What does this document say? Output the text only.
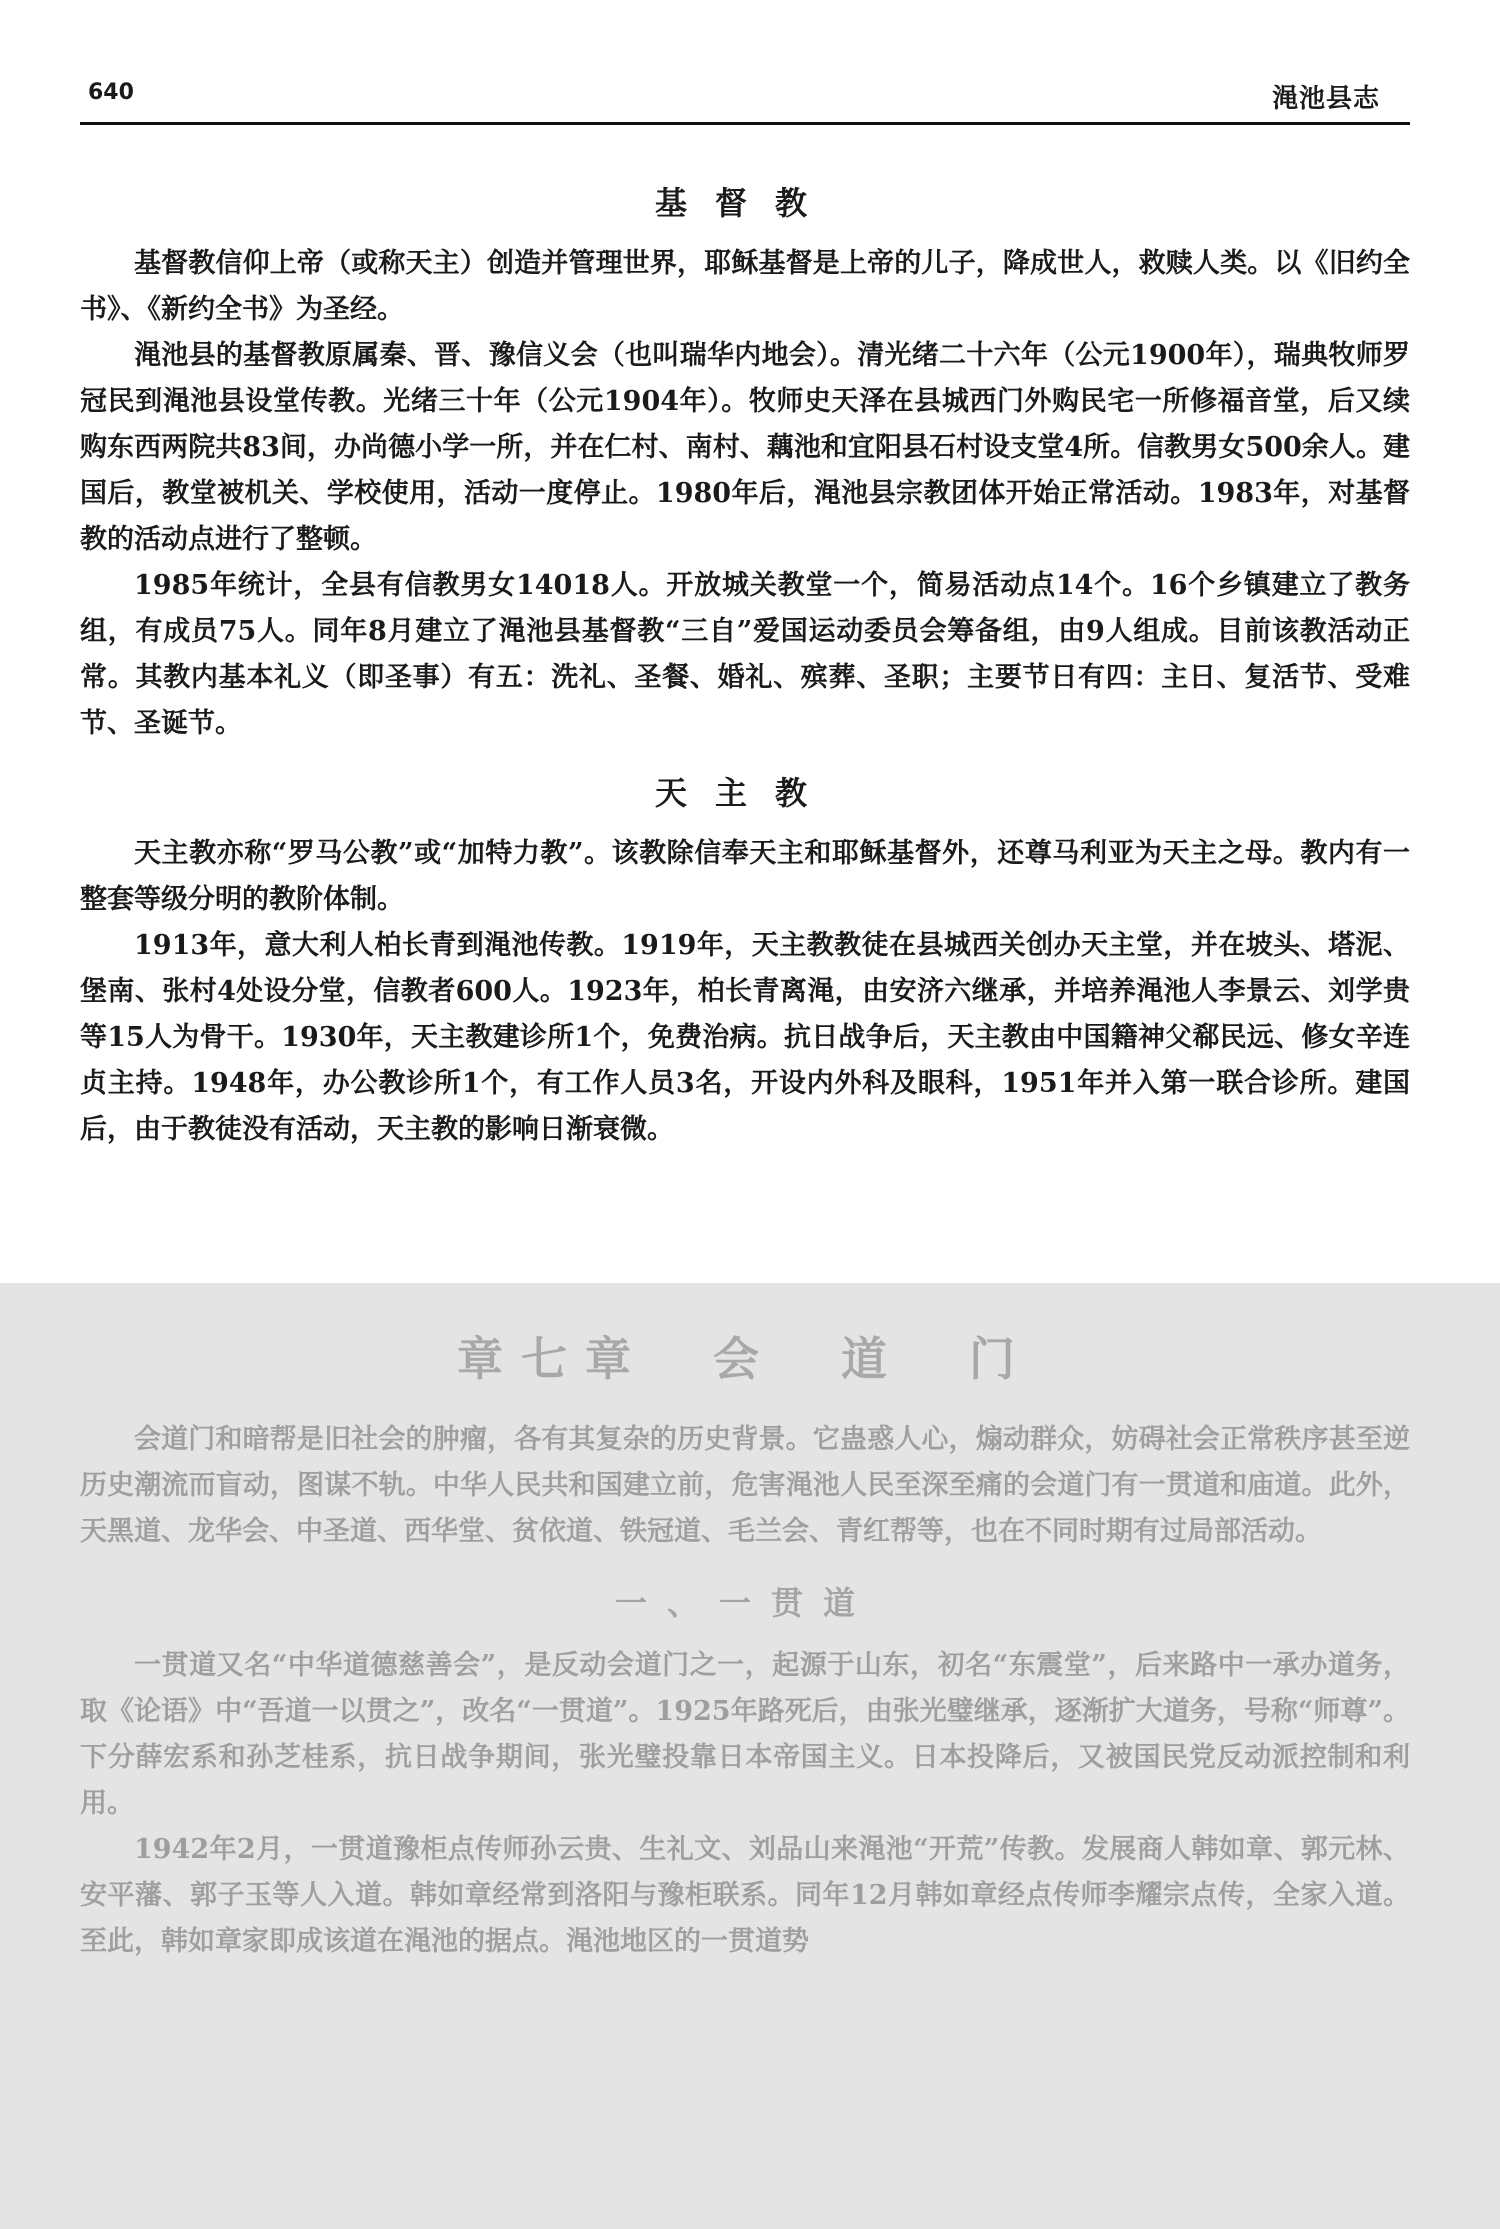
640	渑池县志
基督教

基督教信仰上帝（或称天主）创造并管理世界，耶稣基督是上帝的儿子，降成世人，救赎人类。以《旧约全书》、《新约全书》为圣经。

渑池县的基督教原属秦、晋、豫信义会（也叫瑞华内地会）。清光绪二十六年（公元1900年），瑞典牧师罗冠民到渑池县设堂传教。光绪三十年（公元1904年）。牧师史天泽在县城西门外购民宅一所修福音堂，后又续购东西两院共83间，办尚德小学一所，并在仁村、南村、藕池和宜阳县石村设支堂4所。信教男女500余人。建国后，教堂被机关、学校使用，活动一度停止。1980年后，渑池县宗教团体开始正常活动。1983年，对基督教的活动点进行了整顿。

1985年统计，全县有信教男女14018人。开放城关教堂一个，简易活动点14个。16个乡镇建立了教务组，有成员75人。同年8月建立了渑池县基督教“三自”爱国运动委员会筹备组，由9人组成。目前该教活动正常。其教内基本礼义（即圣事）有五：洗礼、圣餐、婚礼、殡葬、圣职；主要节日有四：主日、复活节、受难节、圣诞节。

天主教

天主教亦称“罗马公教”或“加特力教”。该教除信奉天主和耶稣基督外，还尊马利亚为天主之母。教内有一整套等级分明的教阶体制。

1913年，意大利人柏长青到渑池传教。1919年，天主教教徒在县城西关创办天主堂，并在坡头、塔泥、堡南、张村4处设分堂，信教者600人。1923年，柏长青离渑，由安济六继承，并培养渑池人李景云、刘学贵等15人为骨干。1930年，天主教建诊所1个，免费治病。抗日战争后，天主教由中国籍神父郗民远、修女辛连贞主持。1948年，办公教诊所1个，有工作人员3名，开设内外科及眼科，1951年并入第一联合诊所。建国后，由于教徒没有活动，天主教的影响日渐衰微。

章七章　会　道　门

会道门和暗帮是旧社会的肿瘤，各有其复杂的历史背景。它蛊惑人心，煽动群众，妨碍社会正常秩序甚至逆历史潮流而盲动，图谋不轨。中华人民共和国建立前，危害渑池人民至深至痛的会道门有一贯道和庙道。此外，天黑道、龙华会、中圣道、西华堂、贫依道、铁冠道、毛兰会、青红帮等，也在不同时期有过局部活动。

一、一贯道

一贯道又名“中华道德慈善会”，是反动会道门之一，起源于山东，初名“东震堂”，后来路中一承办道务，取《论语》中“吾道一以贯之”，改名“一贯道”。1925年路死后，由张光璧继承，逐渐扩大道务，号称“师尊”。下分薛宏系和孙芝桂系，抗日战争期间，张光璧投靠日本帝国主义。日本投降后，又被国民党反动派控制和利用。

1942年2月，一贯道豫柜点传师孙云贵、生礼文、刘品山来渑池“开荒”传教。发展商人韩如章、郭元林、安平藩、郭子玉等人入道。韩如章经常到洛阳与豫柜联系。同年12月韩如章经点传师李耀宗点传，全家入道。至此，韩如章家即成该道在渑池的据点。渑池地区的一贯道势
